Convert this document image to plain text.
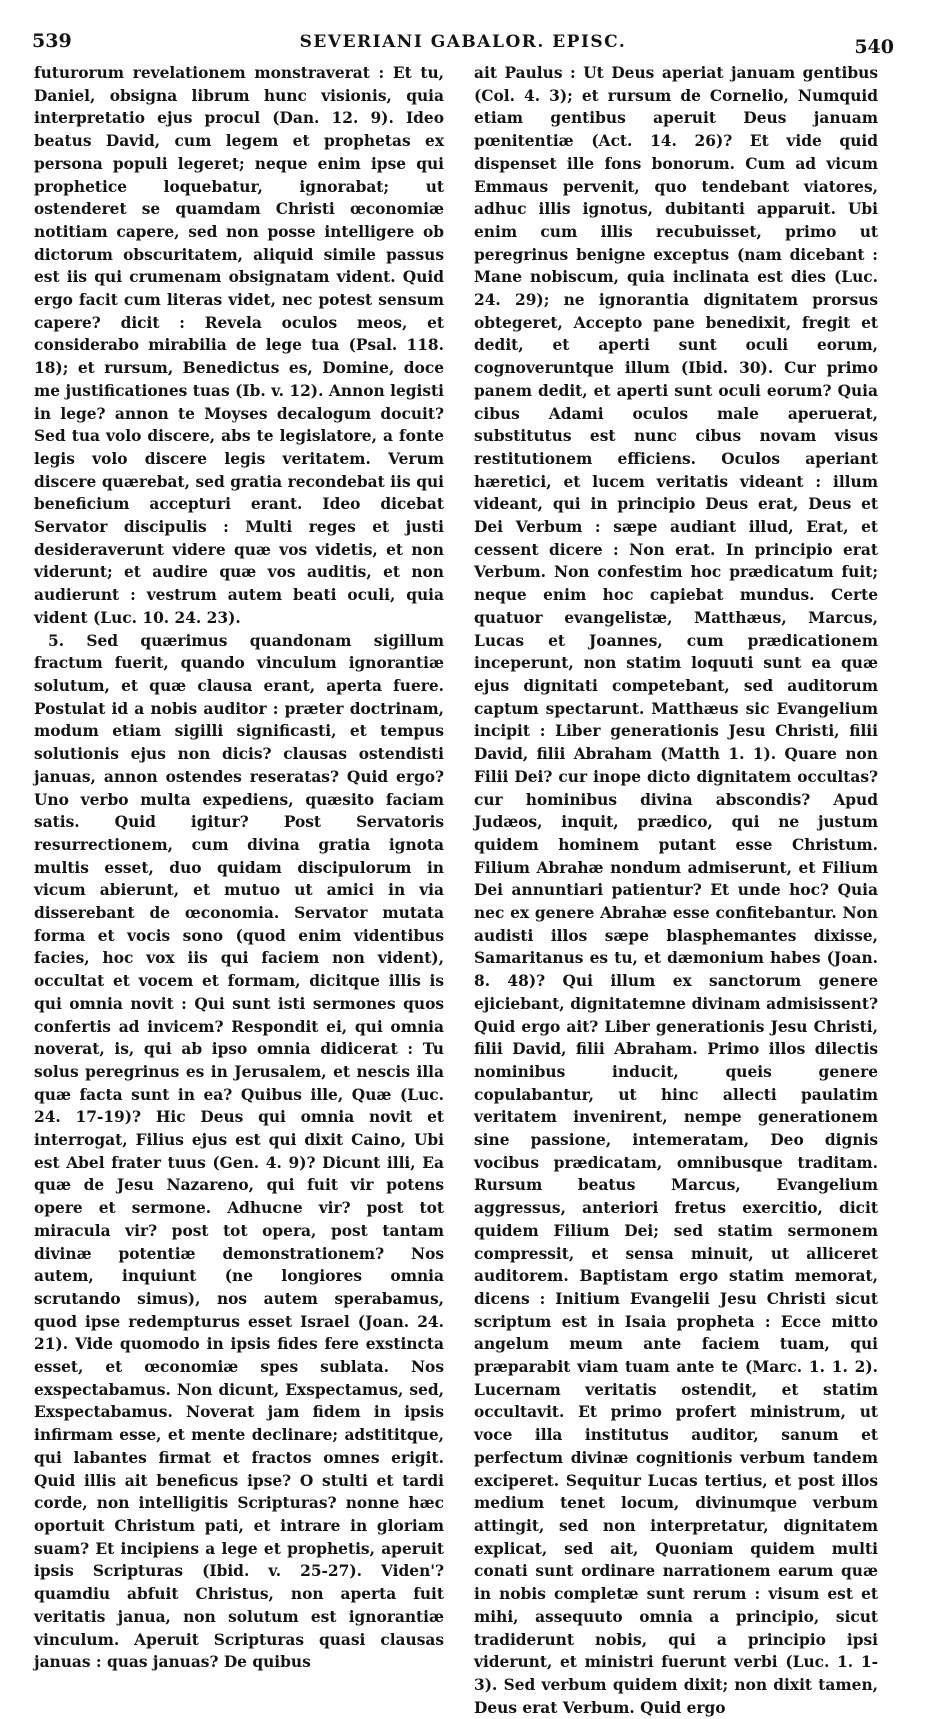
539	SEVERIANI GABALOR. EPISC.	540

futurorum revelationem monstraverat : Et tu, Daniel, obsigna librum hunc visionis, quia interpretatio ejus procul (Dan. 12. 9). Ideo beatus David, cum legem et prophetas ex persona populi legeret; neque enim ipse qui prophetice loquebatur, ignorabat; ut ostenderet se quamdam Christi œconomiæ notitiam capere, sed non posse intelligere ob dictorum obscuritatem, aliquid simile passus est iis qui crumenam obsignatam vident. Quid ergo facit cum literas videt, nec potest sensum capere? dicit : Revela oculos meos, et considerabo mirabilia de lege tua (Psal. 118. 18); et rursum, Benedictus es, Domine, doce me justificationes tuas (Ib. v. 12). Annon legisti in lege? annon te Moyses decalogum docuit? Sed tua volo discere, abs te legislatore, a fonte legis volo discere legis veritatem. Verum discere quærebat, sed gratia recondebat iis qui beneficium accepturi erant. Ideo dicebat Servator discipulis : Multi reges et justi desideraverunt videre quæ vos videtis, et non viderunt; et audire quæ vos auditis, et non audierunt : vestrum autem beati oculi, quia vident (Luc. 10. 24. 23).

5. Sed quærimus quandonam sigillum fractum fuerit, quando vinculum ignorantiæ solutum, et quæ clausa erant, aperta fuere. Postulat id a nobis auditor : præter doctrinam, modum etiam sigilli significasti, et tempus solutionis ejus non dicis? clausas ostendisti januas, annon ostendes reseratas? Quid ergo? Uno verbo multa expediens, quæsito faciam satis. Quid igitur? Post Servatoris resurrectionem, cum divina gratia ignota multis esset, duo quidam discipulorum in vicum abierunt, et mutuo ut amici in via disserebant de œconomia. Servator mutata forma et vocis sono (quod enim videntibus facies, hoc vox iis qui faciem non vident), occultat et vocem et formam, dicitque illis is qui omnia novit : Qui sunt isti sermones quos confertis ad invicem? Respondit ei, qui omnia noverat, is, qui ab ipso omnia didicerat : Tu solus peregrinus es in Jerusalem, et nescis illa quæ facta sunt in ea? Quibus ille, Quæ (Luc. 24. 17-19)? Hic Deus qui omnia novit et interrogat, Filius ejus est qui dixit Caino, Ubi est Abel frater tuus (Gen. 4. 9)? Dicunt illi, Ea quæ de Jesu Nazareno, qui fuit vir potens opere et sermone. Adhucne vir? post tot miracula vir? post tot opera, post tantam divinæ potentiæ demonstrationem? Nos autem, inquiunt (ne longiores omnia scrutando simus), nos autem sperabamus, quod ipse redempturus esset Israel (Joan. 24. 21). Vide quomodo in ipsis fides fere exstincta esset, et œconomiæ spes sublata. Nos exspectabamus. Non dicunt, Exspectamus, sed, Exspectabamus. Noverat jam fidem in ipsis infirmam esse, et mente declinare; adstititque, qui labantes firmat et fractos omnes erigit. Quid illis ait beneficus ipse? O stulti et tardi corde, non intelligitis Scripturas? nonne hæc oportuit Christum pati, et intrare in gloriam suam? Et incipiens a lege et prophetis, aperuit ipsis Scripturas (Ibid. v. 25-27). Viden'? quamdiu abfuit Christus, non aperta fuit veritatis janua, non solutum est ignorantiæ vinculum. Aperuit Scripturas quasi clausas januas : quas januas? De quibus

ait Paulus : Ut Deus aperiat januam gentibus (Col. 4. 3); et rursum de Cornelio, Numquid etiam gentibus aperuit Deus januam pœnitentiæ (Act. 14. 26)? Et vide quid dispenset ille fons bonorum. Cum ad vicum Emmaus pervenit, quo tendebant viatores, adhuc illis ignotus, dubitanti apparuit. Ubi enim cum illis recubuisset, primo ut peregrinus benigne exceptus (nam dicebant : Mane nobiscum, quia inclinata est dies (Luc. 24. 29); ne ignorantia dignitatem prorsus obtegeret, Accepto pane benedixit, fregit et dedit, et aperti sunt oculi eorum, cognoveruntque illum (Ibid. 30). Cur primo panem dedit, et aperti sunt oculi eorum? Quia cibus Adami oculos male aperuerat, substitutus est nunc cibus novam visus restitutionem efficiens. Oculos aperiant hæretici, et lucem veritatis videant : illum videant, qui in principio Deus erat, Deus et Dei Verbum : sæpe audiant illud, Erat, et cessent dicere : Non erat. In principio erat Verbum. Non confestim hoc prædicatum fuit; neque enim hoc capiebat mundus. Certe quatuor evangelistæ, Matthæus, Marcus, Lucas et Joannes, cum prædicationem inceperunt, non statim loquuti sunt ea quæ ejus dignitati competebant, sed auditorum captum spectarunt. Matthæus sic Evangelium incipit : Liber generationis Jesu Christi, filii David, filii Abraham (Matth 1. 1). Quare non Filii Dei? cur inope dicto dignitatem occultas? cur hominibus divina abscondis? Apud Judæos, inquit, prædico, qui ne justum quidem hominem putant esse Christum. Filium Abrahæ nondum admiserunt, et Filium Dei annuntiari patientur? Et unde hoc? Quia nec ex genere Abrahæ esse confitebantur. Non audisti illos sæpe blasphemantes dixisse, Samaritanus es tu, et dæmonium habes (Joan. 8. 48)? Qui illum ex sanctorum genere ejiciebant, dignitatemne divinam admisissent? Quid ergo ait? Liber generationis Jesu Christi, filii David, filii Abraham. Primo illos dilectis nominibus inducit, queis genere copulabantur, ut hinc allecti paulatim veritatem invenirent, nempe generationem sine passione, intemeratam, Deo dignis vocibus prædicatam, omnibusque traditam. Rursum beatus Marcus, Evangelium aggressus, anteriori fretus exercitio, dicit quidem Filium Dei; sed statim sermonem compressit, et sensa minuit, ut alliceret auditorem. Baptistam ergo statim memorat, dicens : Initium Evangelii Jesu Christi sicut scriptum est in Isaia propheta : Ecce mitto angelum meum ante faciem tuam, qui præparabit viam tuam ante te (Marc. 1. 1. 2). Lucernam veritatis ostendit, et statim occultavit. Et primo profert ministrum, ut voce illa institutus auditor, sanum et perfectum divinæ cognitionis verbum tandem exciperet. Sequitur Lucas tertius, et post illos medium tenet locum, divinumque verbum attingit, sed non interpretatur, dignitatem explicat, sed ait, Quoniam quidem multi conati sunt ordinare narrationem earum quæ in nobis completæ sunt rerum : visum est et mihi, assequuto omnia a principio, sicut tradiderunt nobis, qui a principio ipsi viderunt, et ministri fuerunt verbi (Luc. 1. 1-3). Sed verbum quidem dixit; non dixit tamen, Deus erat Verbum. Quid ergo
